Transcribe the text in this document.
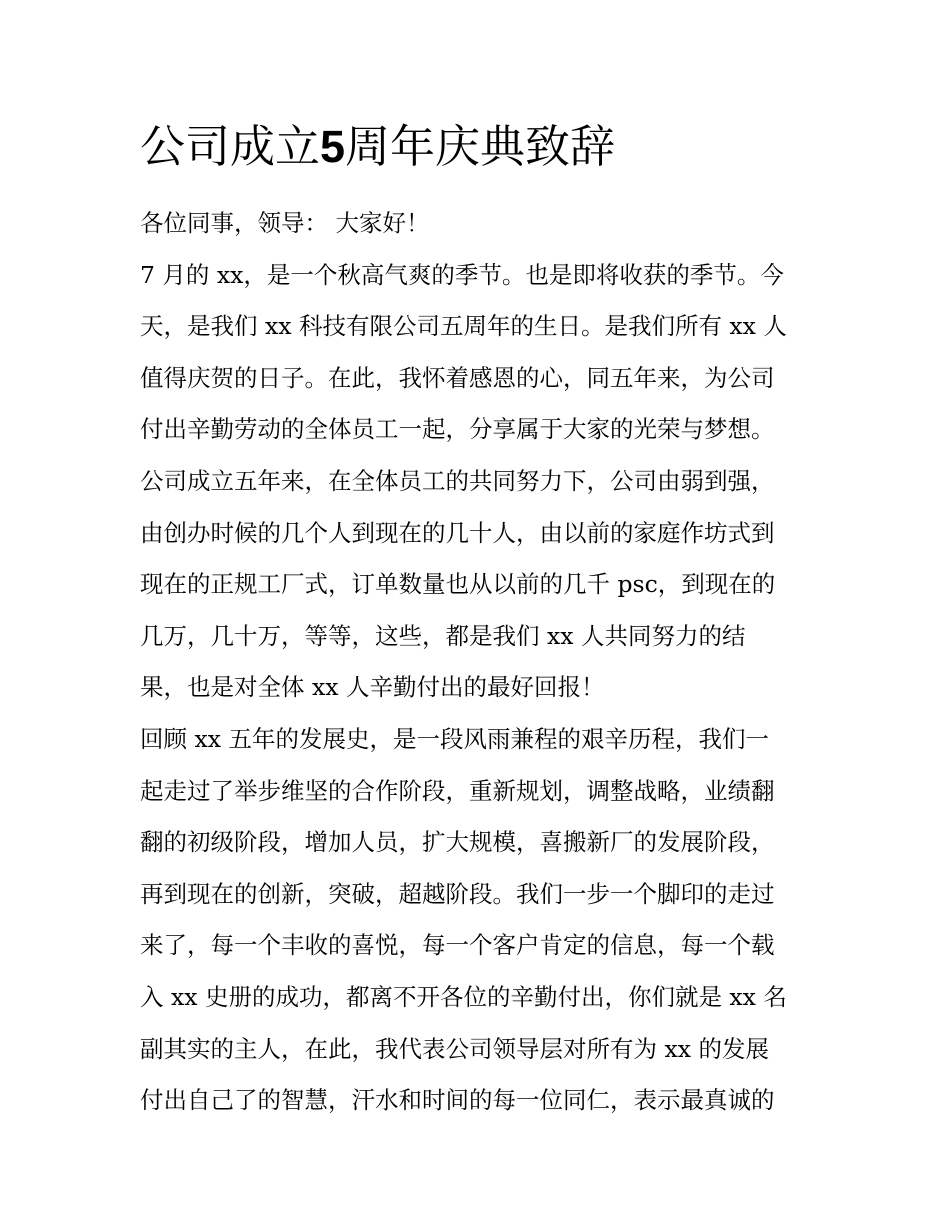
公司成立5周年庆典致辞
各位同事，领导： 大家好！
7 月的 xx，是一个秋高气爽的季节。也是即将收获的季节。今
天，是我们 xx 科技有限公司五周年的生日。是我们所有 xx 人
值得庆贺的日子。在此，我怀着感恩的心，同五年来，为公司
付出辛勤劳动的全体员工一起，分享属于大家的光荣与梦想。
公司成立五年来，在全体员工的共同努力下，公司由弱到强，
由创办时候的几个人到现在的几十人，由以前的家庭作坊式到
现在的正规工厂式，订单数量也从以前的几千 psc，到现在的
几万，几十万，等等，这些，都是我们 xx 人共同努力的结
果，也是对全体 xx 人辛勤付出的最好回报！
回顾 xx 五年的发展史，是一段风雨兼程的艰辛历程，我们一
起走过了举步维坚的合作阶段，重新规划，调整战略，业绩翻
翻的初级阶段，增加人员，扩大规模，喜搬新厂的发展阶段，
再到现在的创新，突破，超越阶段。我们一步一个脚印的走过
来了，每一个丰收的喜悦，每一个客户肯定的信息，每一个载
入 xx 史册的成功，都离不开各位的辛勤付出，你们就是 xx 名
副其实的主人，在此，我代表公司领导层对所有为 xx 的发展
付出自己了的智慧，汗水和时间的每一位同仁，表示最真诚的
